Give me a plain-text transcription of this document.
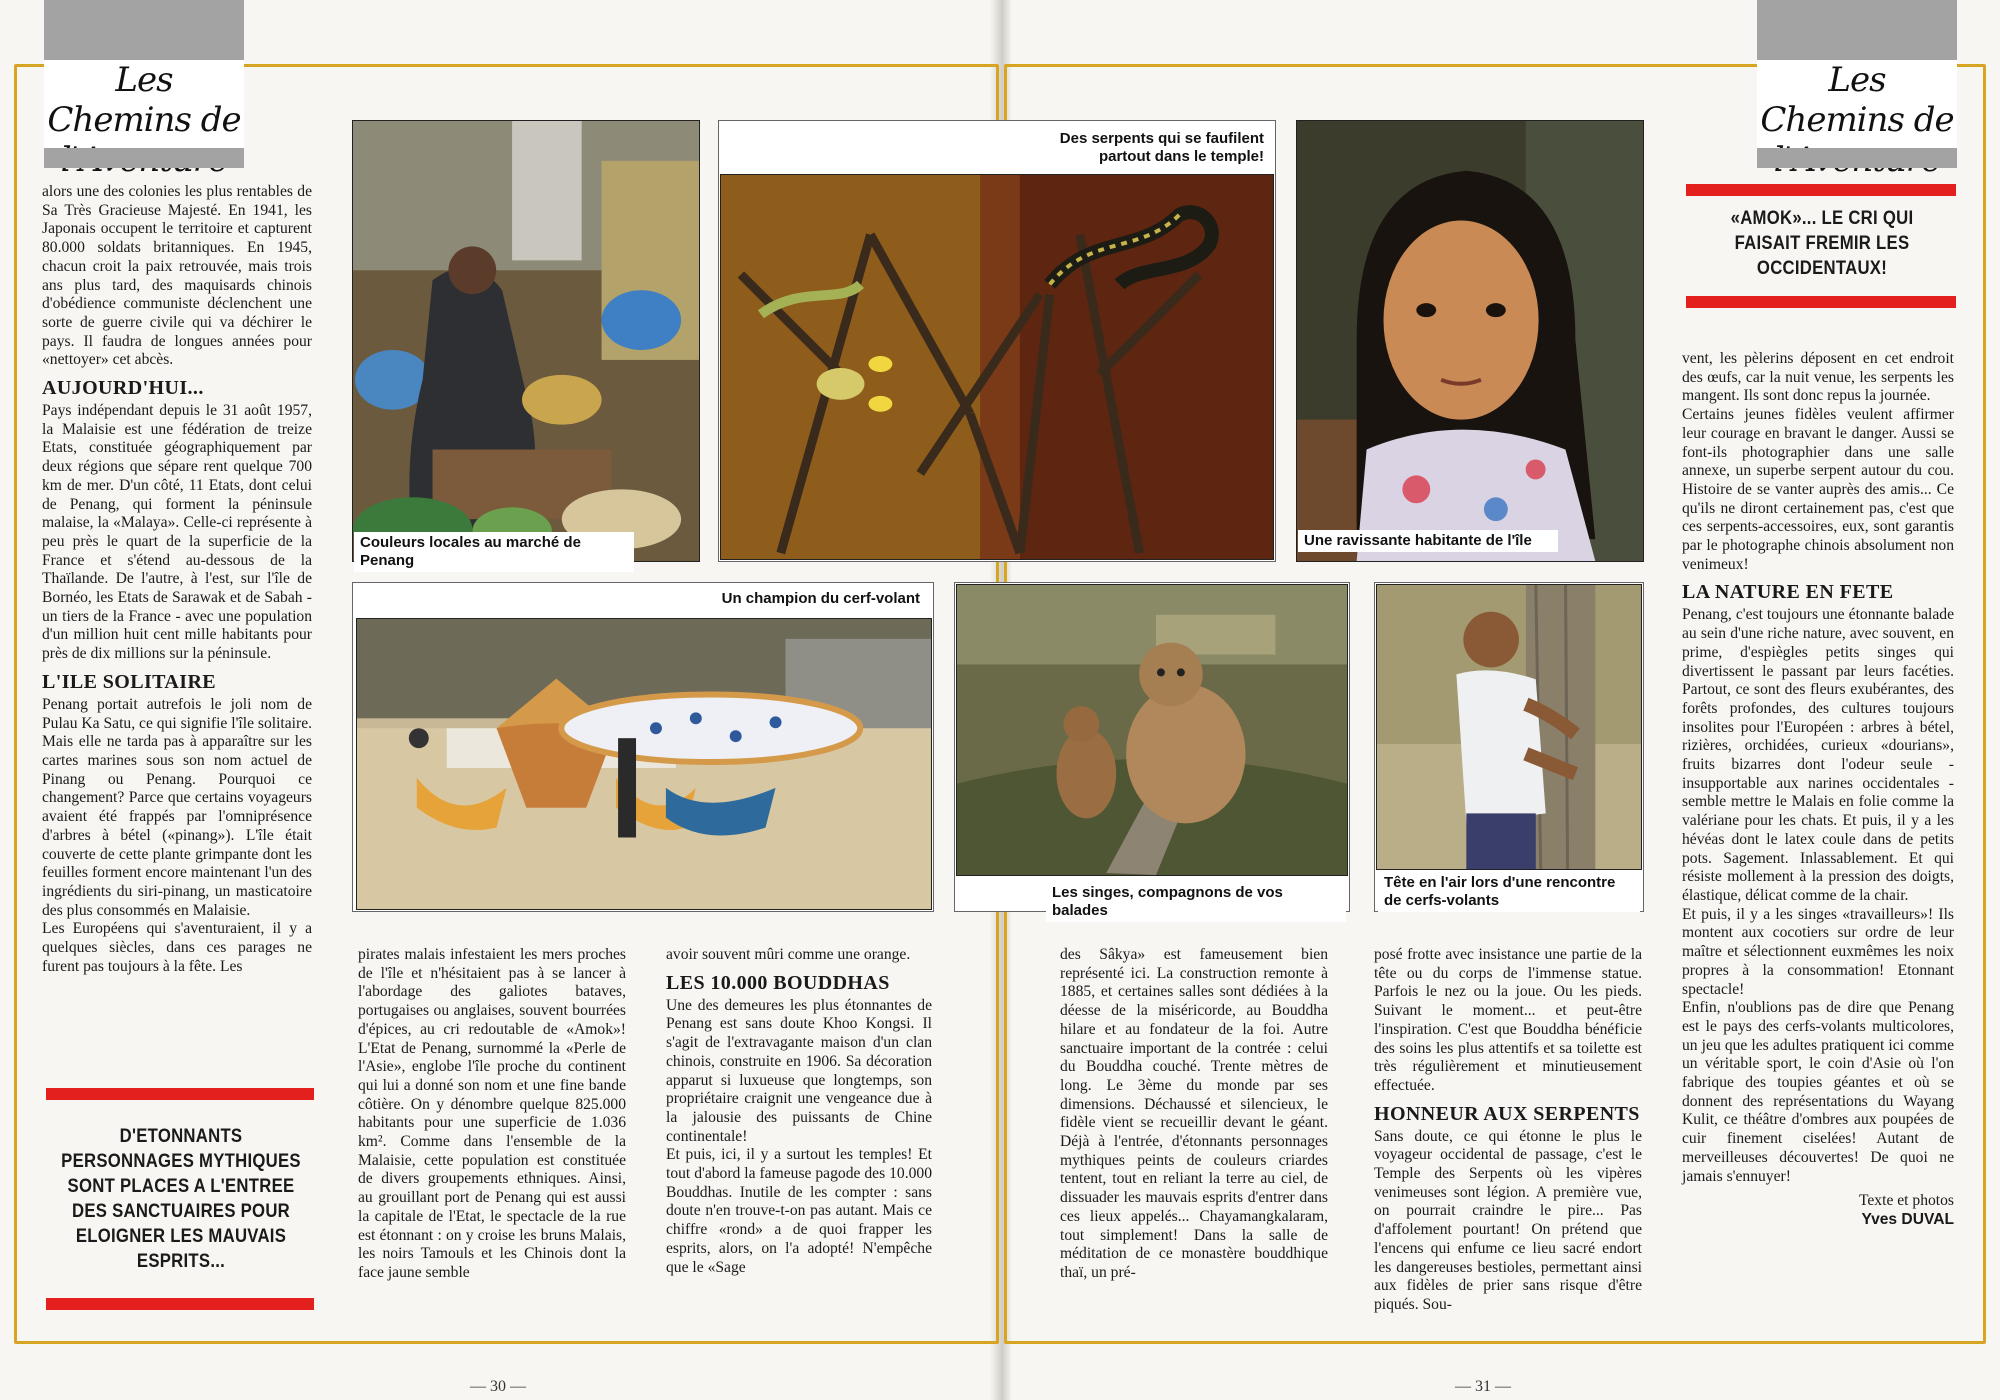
Les Chemins de
Les Chemins de

alors une des colonies les plus rentables de Sa Très Gracieuse Majesté. En 1941, les Japonais occupent le territoire et capturent 80.000 soldats britanniques. En 1945, chacun croit la paix retrouvée, mais trois ans plus tard, des maquisards chinois d'obédience communiste déclenchent une sorte de guerre civile qui va déchirer le pays. Il faudra de longues années pour «nettoyer» cet abcès.

AUJOURD'HUI...

Pays indépendant depuis le 31 août 1957, la Malaisie est une fédération de treize Etats, constituée géographiquement par deux régions que sépare rent quelque 700 km de mer. D'un côté, 11 Etats, dont celui de Penang, qui forment la péninsule malaise, la «Malaya». Celle-ci représente à peu près le quart de la superficie de la France et s'étend au-dessous de la Thaïlande. De l'autre, à l'est, sur l'île de Bornéo, les Etats de Sarawak et de Sabah - un tiers de la France - avec une population d'un million huit cent mille habitants pour près de dix millions sur la péninsule.

L'ILE SOLITAIRE

Penang portait autrefois le joli nom de Pulau Ka Satu, ce qui signifie l'île solitaire. Mais elle ne tarda pas à apparaître sur les cartes marines sous son nom actuel de Pinang ou Penang. Pourquoi ce changement? Parce que certains voyageurs avaient été frappés par l'omniprésence d'arbres à bétel («pinang»). L'île était couverte de cette plante grimpante dont les feuilles forment encore maintenant l'un des ingrédients du siri-pinang, un masticatoire des plus consommés en Malaisie.

Les Européens qui s'aventuraient, il y a quelques siècles, dans ces parages ne furent pas toujours à la fête. Les

D'ETONNANTS PERSONNAGES MYTHIQUES SONT PLACES A L'ENTREE DES SANCTUAIRES POUR ELOIGNER LES MAUVAIS ESPRITS...
Couleurs locales au marché de Penang
Des serpents qui se faufilent partout dans le temple!
Une ravissante habitante de l'île
Un champion du cerf-volant
Les singes, compagnons de vos balades
Tête en l'air lors d'une rencontre de cerfs-volants

pirates malais infestaient les mers proches de l'île et n'hésitaient pas à se lancer à l'abordage des galiotes bataves, portugaises ou anglaises, souvent bourrées d'épices, au cri redoutable de «Amok»! L'Etat de Penang, surnommé la «Perle de l'Asie», englobe l'île proche du continent qui lui a donné son nom et une fine bande côtière. On y dénombre quelque 825.000 habitants pour une superficie de 1.036 km². Comme dans l'ensemble de la Malaisie, cette population est constituée de divers groupements ethniques. Ainsi, au grouillant port de Penang qui est aussi la capitale de l'Etat, le spectacle de la rue est étonnant : on y croise les bruns Malais, les noirs Tamouls et les Chinois dont la face jaune semble

avoir souvent mûri comme une orange.

LES 10.000 BOUDDHAS

Une des demeures les plus étonnantes de Penang est sans doute Khoo Kongsi. Il s'agit de l'extravagante maison d'un clan chinois, construite en 1906. Sa décoration apparut si luxueuse que longtemps, son propriétaire craignit une vengeance due à la jalousie des puissants de Chine continentale!

Et puis, ici, il y a surtout les temples! Et tout d'abord la fameuse pagode des 10.000 Bouddhas. Inutile de les compter : sans doute n'en trouve-t-on pas autant. Mais ce chiffre «rond» a de quoi frapper les esprits, alors, on l'a adopté! N'empêche que le «Sage

des Sâkya» est fameusement bien représenté ici. La construction remonte à 1885, et certaines salles sont dédiées à la déesse de la miséricorde, au Bouddha hilare et au fondateur de la foi. Autre sanctuaire important de la contrée : celui du Bouddha couché. Trente mètres de long. Le 3ème du monde par ses dimensions. Déchaussé et silencieux, le fidèle vient se recueillir devant le géant. Déjà à l'entrée, d'étonnants personnages mythiques peints de couleurs criardes tentent, tout en reliant la terre au ciel, de dissuader les mauvais esprits d'entrer dans ces lieux appelés... Chayamangkalaram, tout simplement! Dans la salle de méditation de ce monastère bouddhique thaï, un pré-

posé frotte avec insistance une partie de la tête ou du corps de l'immense statue. Parfois le nez ou la joue. Ou les pieds. Suivant le moment... et peut-être l'inspiration. C'est que Bouddha bénéficie des soins les plus attentifs et sa toilette est très régulièrement et minutieusement effectuée.

HONNEUR AUX SERPENTS

Sans doute, ce qui étonne le plus le voyageur occidental de passage, c'est le Temple des Serpents où les vipères venimeuses sont légion. A première vue, on pourrait craindre le pire... Pas d'affolement pourtant! On prétend que l'encens qui enfume ce lieu sacré endort les dangereuses bestioles, permettant ainsi aux fidèles de prier sans risque d'être piqués. Sou-

«AMOK»... LE CRI QUI FAISAIT FREMIR LES OCCIDENTAUX!

vent, les pèlerins déposent en cet endroit des œufs, car la nuit venue, les serpents les mangent. Ils sont donc repus la journée.

Certains jeunes fidèles veulent affirmer leur courage en bravant le danger. Aussi se font-ils photographier dans une salle annexe, un superbe serpent autour du cou. Histoire de se vanter auprès des amis... Ce qu'ils ne diront certainement pas, c'est que ces serpents-accessoires, eux, sont garantis par le photographe chinois absolument non venimeux!

LA NATURE EN FETE

Penang, c'est toujours une étonnante balade au sein d'une riche nature, avec souvent, en prime, d'espiègles petits singes qui divertissent le passant par leurs facéties. Partout, ce sont des fleurs exubérantes, des forêts profondes, des cultures toujours insolites pour l'Européen : arbres à bétel, rizières, orchidées, curieux «dourians», fruits bizarres dont l'odeur seule - insupportable aux narines occidentales - semble mettre le Malais en folie comme la valériane pour les chats. Et puis, il y a les hévéas dont le latex coule dans de petits pots. Sagement. Inlassablement. Et qui résiste mollement à la pression des doigts, élastique, délicat comme de la chair.

Et puis, il y a les singes «travailleurs»! Ils montent aux cocotiers sur ordre de leur maître et sélectionnent euxmêmes les noix propres à la consommation! Etonnant spectacle!

Enfin, n'oublions pas de dire que Penang est le pays des cerfs-volants multicolores, un jeu que les adultes pratiquent ici comme un véritable sport, le coin d'Asie où l'on fabrique des toupies géantes et où se donnent des représentations du Wayang Kulit, ce théâtre d'ombres aux poupées de cuir finement ciselées! Autant de merveilleuses découvertes! De quoi ne jamais s'ennuyer!

Texte et photos
Yves DUVAL
— 30 —	— 31 —
